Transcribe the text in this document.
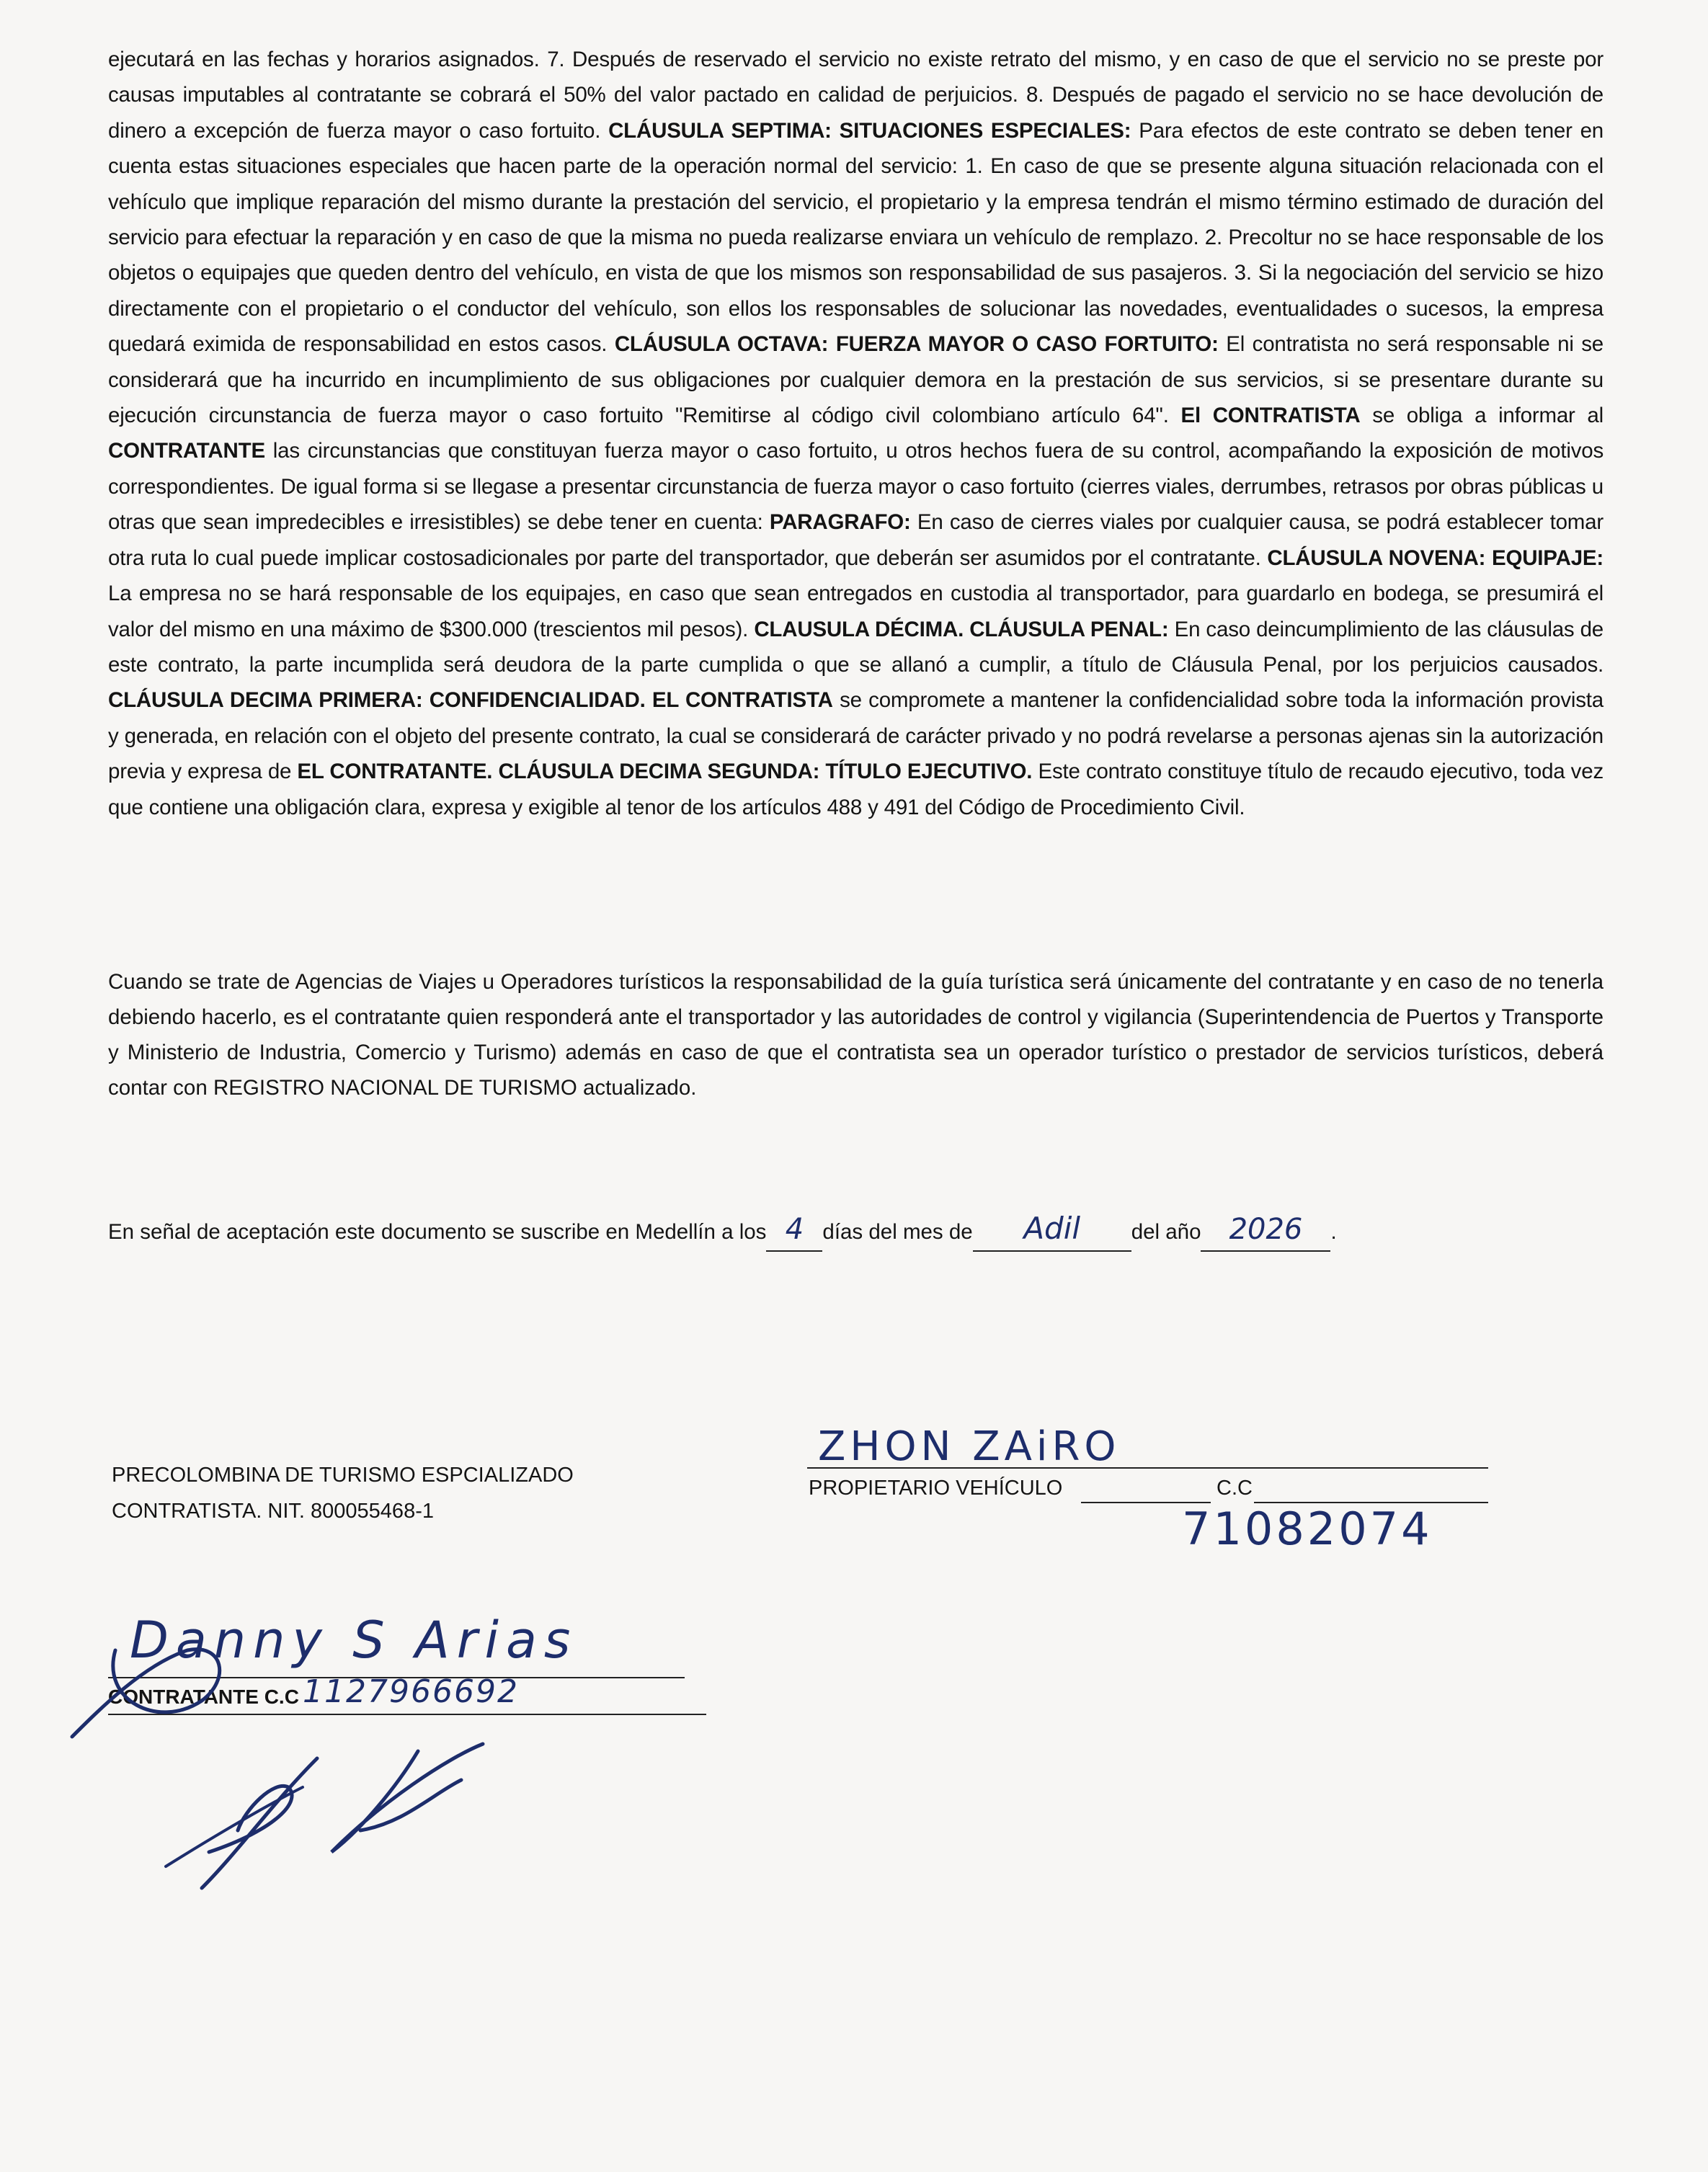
ejecutará en las fechas y horarios asignados. 7. Después de reservado el servicio no existe retrato del mismo, y en caso de que el servicio no se preste por causas imputables al contratante se cobrará el 50% del valor pactado en calidad de perjuicios. 8. Después de pagado el servicio no se hace devolución de dinero a excepción de fuerza mayor o caso fortuito. CLÁUSULA SEPTIMA: SITUACIONES ESPECIALES: Para efectos de este contrato se deben tener en cuenta estas situaciones especiales que hacen parte de la operación normal del servicio: 1. En caso de que se presente alguna situación relacionada con el vehículo que implique reparación del mismo durante la prestación del servicio, el propietario y la empresa tendrán el mismo término estimado de duración del servicio para efectuar la reparación y en caso de que la misma no pueda realizarse enviara un vehículo de remplazo. 2. Precoltur no se hace responsable de los objetos o equipajes que queden dentro del vehículo, en vista de que los mismos son responsabilidad de sus pasajeros. 3. Si la negociación del servicio se hizo directamente con el propietario o el conductor del vehículo, son ellos los responsables de solucionar las novedades, eventualidades o sucesos, la empresa quedará eximida de responsabilidad en estos casos. CLÁUSULA OCTAVA: FUERZA MAYOR O CASO FORTUITO: El contratista no será responsable ni se considerará que ha incurrido en incumplimiento de sus obligaciones por cualquier demora en la prestación de sus servicios, si se presentare durante su ejecución circunstancia de fuerza mayor o caso fortuito "Remitirse al código civil colombiano artículo 64". El CONTRATISTA se obliga a informar al CONTRATANTE las circunstancias que constituyan fuerza mayor o caso fortuito, u otros hechos fuera de su control, acompañando la exposición de motivos correspondientes. De igual forma si se llegase a presentar circunstancia de fuerza mayor o caso fortuito (cierres viales, derrumbes, retrasos por obras públicas u otras que sean impredecibles e irresistibles) se debe tener en cuenta: PARAGRAFO: En caso de cierres viales por cualquier causa, se podrá establecer tomar otra ruta lo cual puede implicar costosadicionales por parte del transportador, que deberán ser asumidos por el contratante. CLÁUSULA NOVENA: EQUIPAJE: La empresa no se hará responsable de los equipajes, en caso que sean entregados en custodia al transportador, para guardarlo en bodega, se presumirá el valor del mismo en una máximo de $300.000 (trescientos mil pesos). CLAUSULA DÉCIMA. CLÁUSULA PENAL: En caso deincumplimiento de las cláusulas de este contrato, la parte incumplida será deudora de la parte cumplida o que se allanó a cumplir, a título de Cláusula Penal, por los perjuicios causados. CLÁUSULA DECIMA PRIMERA: CONFIDENCIALIDAD. EL CONTRATISTA se compromete a mantener la confidencialidad sobre toda la información provista y generada, en relación con el objeto del presente contrato, la cual se considerará de carácter privado y no podrá revelarse a personas ajenas sin la autorización previa y expresa de EL CONTRATANTE. CLÁUSULA DECIMA SEGUNDA: TÍTULO EJECUTIVO. Este contrato constituye título de recaudo ejecutivo, toda vez que contiene una obligación clara, expresa y exigible al tenor de los artículos 488 y 491 del Código de Procedimiento Civil.
Cuando se trate de Agencias de Viajes u Operadores turísticos la responsabilidad de la guía turística será únicamente del contratante y en caso de no tenerla debiendo hacerlo, es el contratante quien responderá ante el transportador y las autoridades de control y vigilancia (Superintendencia de Puertos y Transporte y Ministerio de Industria, Comercio y Turismo) además en caso de que el contratista sea un operador turístico o prestador de servicios turísticos, deberá contar con REGISTRO NACIONAL DE TURISMO actualizado.
En señal de aceptación este documento se suscribe en Medellín a los 4 días del mes de Adil del año 2026 .
PRECOLOMBINA DE TURISMO ESPCIALIZADO
CONTRATISTA. NIT. 800055468-1
ZHON ZAiRO
PROPIETARIO VEHÍCULO	C.C
71082074
Danny S Arias
CONTRATANTE C.C 1127966692
